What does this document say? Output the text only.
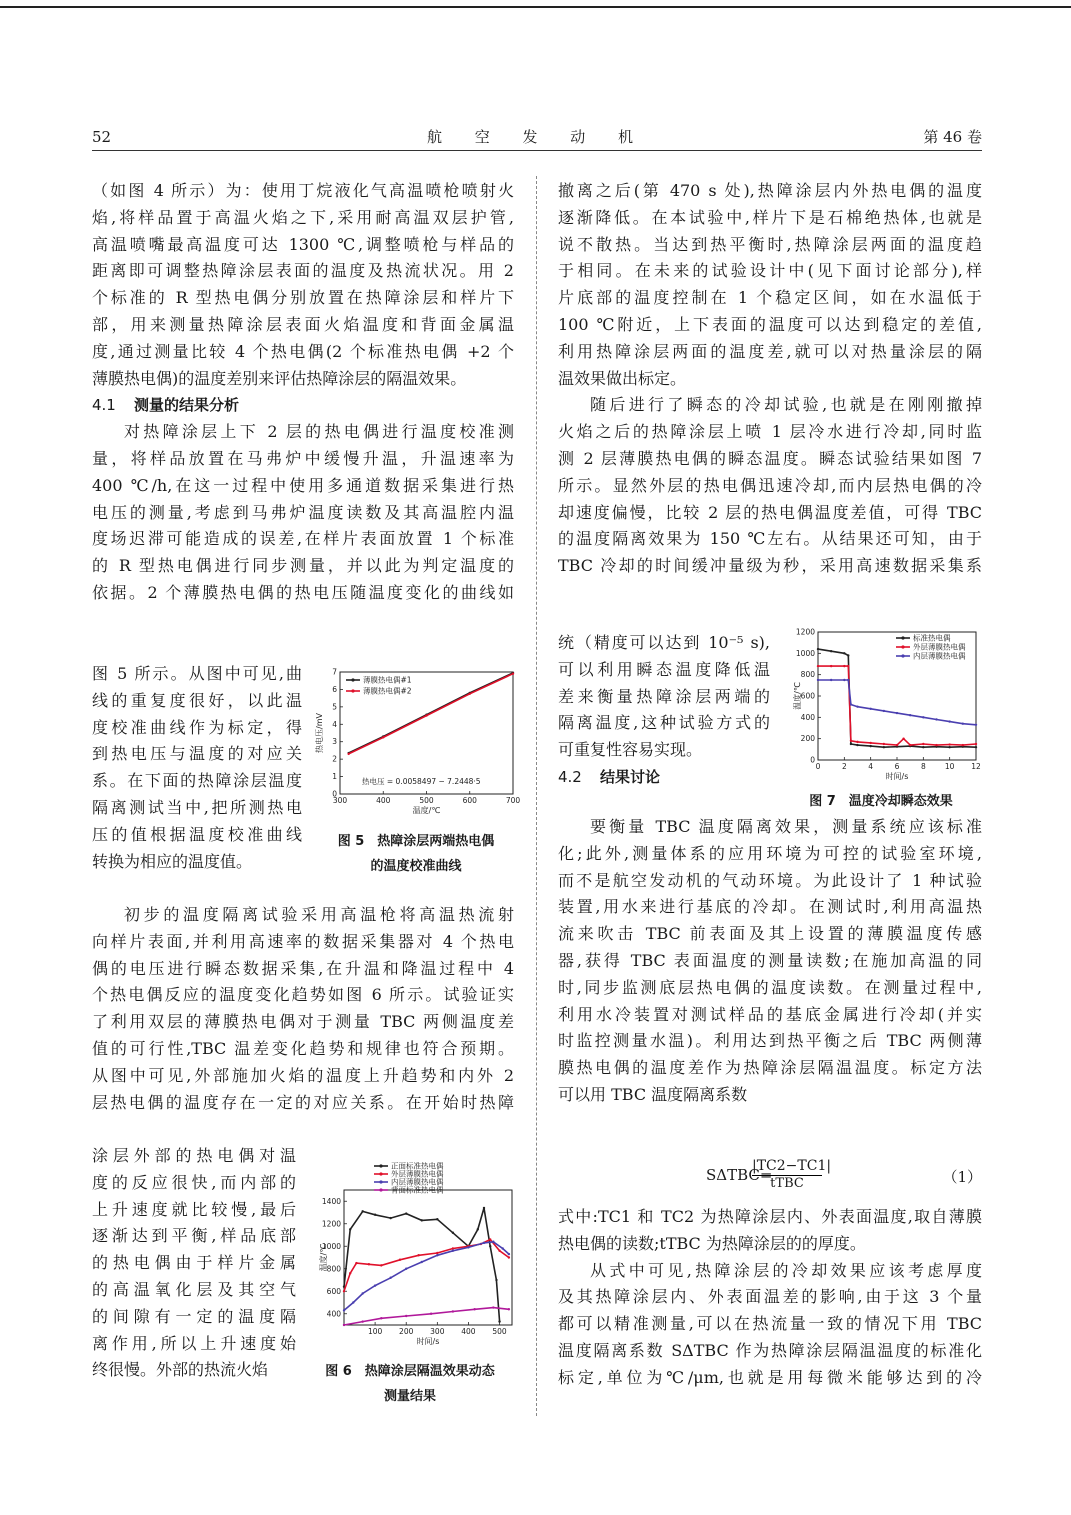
52	航 空 发 动 机	第 46 卷

（如图 4 所示）为：使用丁烷液化气高温喷枪喷射火

焰,将样品置于高温火焰之下,采用耐高温双层护管,

高温喷嘴最高温度可达 1300 ℃,调整喷枪与样品的

距离即可调整热障涂层表面的温度及热流状况。用 2

个标准的 R 型热电偶分别放置在热障涂层和样片下

部，用来测量热障涂层表面火焰温度和背面金属温

度,通过测量比较 4 个热电偶(2 个标准热电偶 +2 个

薄膜热电偶)的温度差别来评估热障涂层的隔温效果。

4.1 测量的结果分析

对热障涂层上下 2 层的热电偶进行温度校准测

量，将样品放置在马弗炉中缓慢升温，升温速率为

400 ℃/h,在这一过程中使用多通道数据采集进行热

电压的测量,考虑到马弗炉温度读数及其高温腔内温

度场迟滞可能造成的误差,在样片表面放置 1 个标准

的 R 型热电偶进行同步测量，并以此为判定温度的

依据。2 个薄膜热电偶的热电压随温度变化的曲线如

图 5 所示。从图中可见,曲

线的重复度很好，以此温

度校准曲线作为标定，得

到热电压与温度的对应关

系。在下面的热障涂层温度

隔离测试当中,把所测热电

压的值根据温度校准曲线

转换为相应的温度值。

初步的温度隔离试验采用高温枪将高温热流射

向样片表面,并利用高速率的数据采集器对 4 个热电

偶的电压进行瞬态数据采集,在升温和降温过程中 4

个热电偶反应的温度变化趋势如图 6 所示。试验证实

了利用双层的薄膜热电偶对于测量 TBC 两侧温度差

值的可行性,TBC 温差变化趋势和规律也符合预期。

从图中可见,外部施加火焰的温度上升趋势和内外 2

层热电偶的温度存在一定的对应关系。在开始时热障

涂层外部的热电偶对温

度的反应很快,而内部的

上升速度就比较慢,最后

逐渐达到平衡,样品底部

的热电偶由于样片金属

的高温氧化层及其空气

的间隙有一定的温度隔

离作用,所以上升速度始

终很慢。外部的热流火焰

300	400	500	600	700
0
1
2
3
4
5
6
7
温度/℃
热电压/mV
薄膜热电偶#1
薄膜热电偶#2
热电压 = 0.0058497 − 7.2448·5
图 5　热障涂层两端热电偶
的温度校准曲线
100 200 300 400 500
400
600
800
1000
1200
1400
时间/s
温度/℃
正面标准热电偶
外层薄膜热电偶
内层薄膜热电偶
背面标准热电偶
图 6　热障涂层隔温效果动态
测量结果

撤离之后(第 470 s 处),热障涂层内外热电偶的温度

逐渐降低。在本试验中,样片下是石棉绝热体,也就是

说不散热。当达到热平衡时,热障涂层两面的温度趋

于相同。在未来的试验设计中(见下面讨论部分),样

片底部的温度控制在 1 个稳定区间，如在水温低于

100 ℃附近，上下表面的温度可以达到稳定的差值,

利用热障涂层两面的温度差,就可以对热量涂层的隔

温效果做出标定。

随后进行了瞬态的冷却试验,也就是在刚刚撤掉

火焰之后的热障涂层上喷 1 层冷水进行冷却,同时监

测 2 层薄膜热电偶的瞬态温度。瞬态试验结果如图 7

所示。显然外层的热电偶迅速冷却,而内层热电偶的冷

却速度偏慢，比较 2 层的热电偶温度差值，可得 TBC

的温度隔离效果为 150 ℃左右。从结果还可知，由于

TBC 冷却的时间缓冲量级为秒，采用高速数据采集系

统（精度可以达到 10⁻⁵ s),

可以利用瞬态温度降低温

差来衡量热障涂层两端的

隔离温度,这种试验方式的

可重复性容易实现。

4.2 结果讨论
0	2	4	6	8	10 12
0
200
400
600
800
1000
1200
时间/s
温度/℃
标准热电偶
外层薄膜热电偶
内层薄膜热电偶
图 7　温度冷却瞬态效果

要衡量 TBC 温度隔离效果，测量系统应该标准

化;此外,测量体系的应用环境为可控的试验室环境,

而不是航空发动机的气动环境。为此设计了 1 种试验

装置,用水来进行基底的冷却。在测试时,利用高温热

流来吹击 TBC 前表面及其上设置的薄膜温度传感

器,获得 TBC 表面温度的测量读数;在施加高温的同

时,同步监测底层热电偶的温度读数。在测量过程中,

利用水冷装置对测试样品的基底金属进行冷却(并实

时监控测量水温)。利用达到热平衡之后 TBC 两侧薄

膜热电偶的温度差作为热障涂层隔温温度。标定方法

可以用 TBC 温度隔离系数

SΔTBC=
|TC2−TC1|
tTBC	（1）

式中:TC1 和 TC2 为热障涂层内、外表面温度,取自薄膜

热电偶的读数;tTBC 为热障涂层的的厚度。

从式中可见,热障涂层的冷却效果应该考虑厚度

及其热障涂层内、外表面温差的影响,由于这 3 个量

都可以精准测量,可以在热流量一致的情况下用 TBC

温度隔离系数 SΔTBC 作为热障涂层隔温温度的标准化

标定,单位为℃/μm,也就是用每微米能够达到的冷
